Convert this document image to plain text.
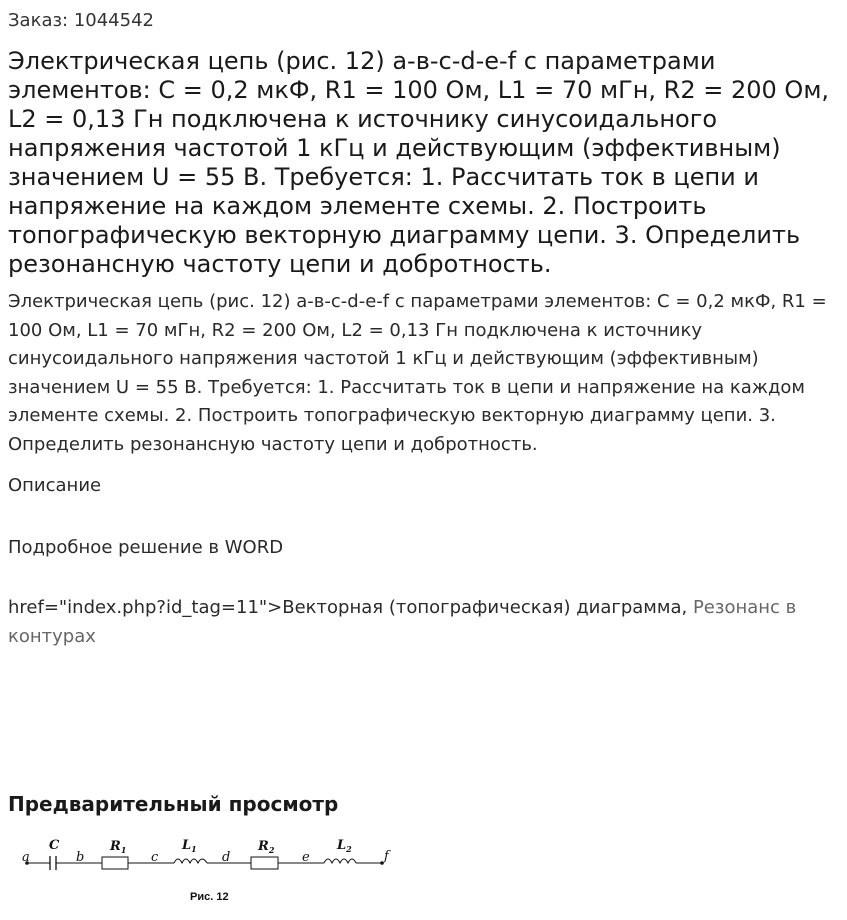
Заказ: 1044542
Электрическая цепь (рис. 12) a-в-c-d-e-f с параметрами элементов: С = 0,2 мкФ, R1 = 100 Ом, L1 = 70 мГн, R2 = 200 Ом, L2 = 0,13 Гн подключена к источнику синусоидального напряжения частотой 1 кГц и действующим (эффективным) значением U = 55 В. Требуется: 1. Рассчитать ток в цепи и напряжение на каждом элементе схемы. 2. Построить топографическую векторную диаграмму цепи. 3. Определить резонансную частоту цепи и добротность.

Электрическая цепь (рис. 12) a-в-c-d-e-f с параметрами элементов: С = 0,2 мкФ, R1 = 100 Ом, L1 = 70 мГн, R2 = 200 Ом, L2 = 0,13 Гн подключена к источнику синусоидального напряжения частотой 1 кГц и действующим (эффективным) значением U = 55 В. Требуется: 1. Рассчитать ток в цепи и напряжение на каждом элементе схемы. 2. Построить топографическую векторную диаграмму цепи. 3. Определить резонансную частоту цепи и добротность.

Описание
Подробное решение в WORD
href="index.php?id_tag=11">Векторная (топографическая) диаграмма, Резонанс в контурах
Предварительный просмотр
a	b	c	d	e	f
C	$R_1$	$L_1$	$R_2$	$L_2$
Рис. 12
